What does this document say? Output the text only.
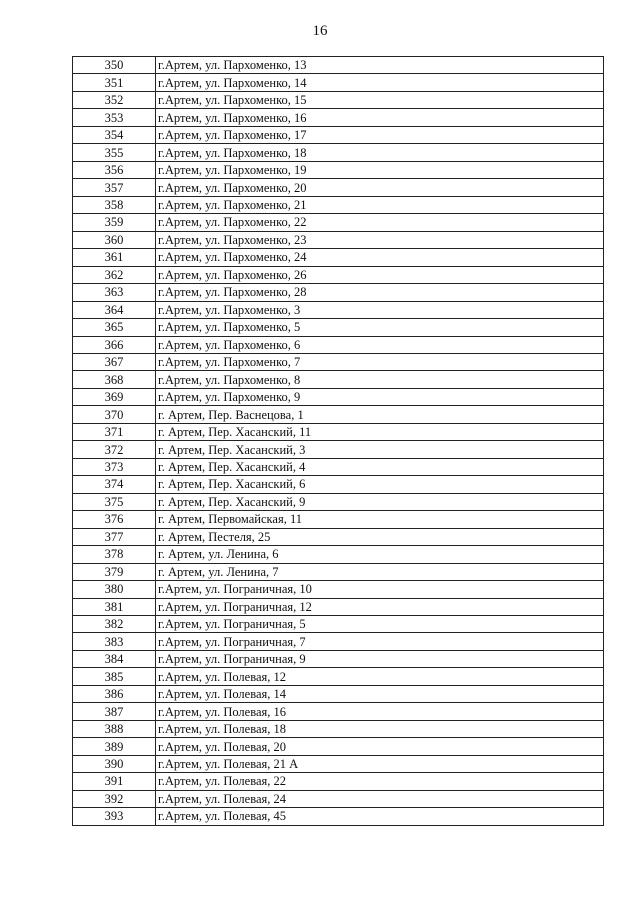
16
350	г.Артем, ул. Пархоменко, 13
351	г.Артем, ул. Пархоменко, 14
352	г.Артем, ул. Пархоменко, 15
353	г.Артем, ул. Пархоменко, 16
354	г.Артем, ул. Пархоменко, 17
355	г.Артем, ул. Пархоменко, 18
356	г.Артем, ул. Пархоменко, 19
357	г.Артем, ул. Пархоменко, 20
358	г.Артем, ул. Пархоменко, 21
359	г.Артем, ул. Пархоменко, 22
360	г.Артем, ул. Пархоменко, 23
361	г.Артем, ул. Пархоменко, 24
362	г.Артем, ул. Пархоменко, 26
363	г.Артем, ул. Пархоменко, 28
364	г.Артем, ул. Пархоменко, 3
365	г.Артем, ул. Пархоменко, 5
366	г.Артем, ул. Пархоменко, 6
367	г.Артем, ул. Пархоменко, 7
368	г.Артем, ул. Пархоменко, 8
369	г.Артем, ул. Пархоменко, 9
370	г. Артем, Пер. Васнецова, 1
371	г. Артем, Пер. Хасанский, 11
372	г. Артем, Пер. Хасанский, 3
373	г. Артем, Пер. Хасанский, 4
374	г. Артем, Пер. Хасанский, 6
375	г. Артем, Пер. Хасанский, 9
376	г. Артем, Первомайская, 11
377	г. Артем, Пестеля, 25
378	г. Артем, ул. Ленина, 6
379	г. Артем, ул. Ленина, 7
380	г.Артем, ул. Пограничная, 10
381	г.Артем, ул. Пограничная, 12
382	г.Артем, ул. Пограничная, 5
383	г.Артем, ул. Пограничная, 7
384	г.Артем, ул. Пограничная, 9
385	г.Артем, ул. Полевая, 12
386	г.Артем, ул. Полевая, 14
387	г.Артем, ул. Полевая, 16
388	г.Артем, ул. Полевая, 18
389	г.Артем, ул. Полевая, 20
390	г.Артем, ул. Полевая, 21 А
391	г.Артем, ул. Полевая, 22
392	г.Артем, ул. Полевая, 24
393	г.Артем, ул. Полевая, 45
